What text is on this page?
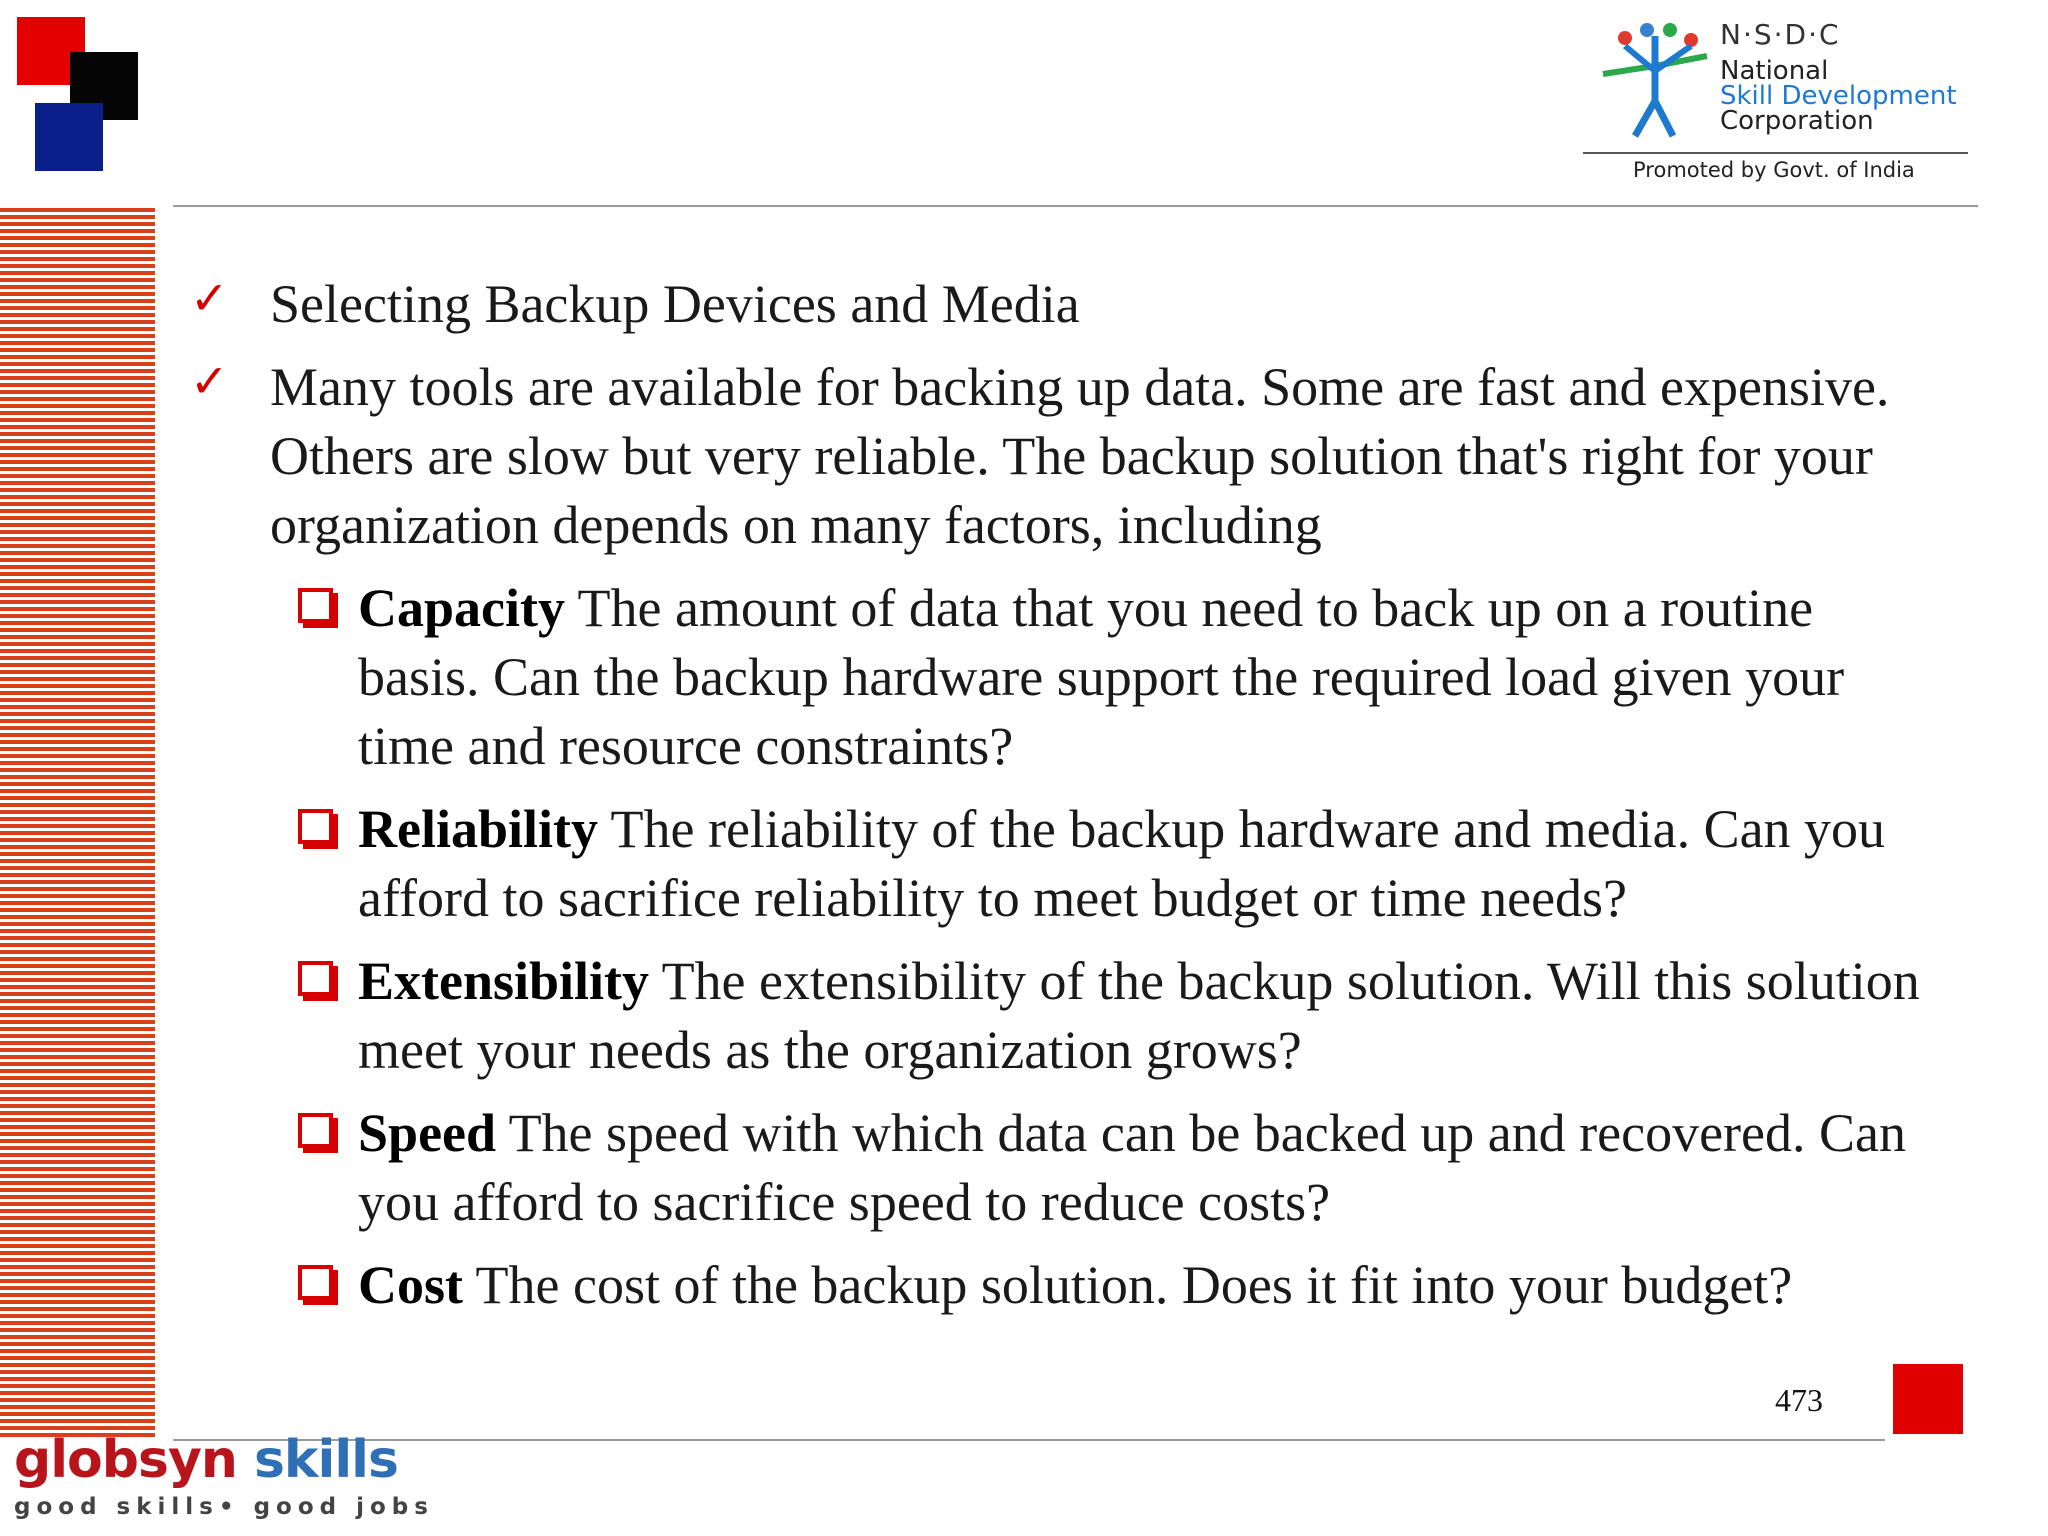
N·S·D·C
National
Skill Development
Corporation
Promoted by Govt. of India
✓ Selecting Backup Devices and Media
✓ Many tools are available for backing up data. Some are fast and expensive. Others are slow but very reliable. The backup solution that's right for your organization depends on many factors, including
Capacity The amount of data that you need to back up on a routine basis. Can the backup hardware support the required load given your time and resource constraints?
Reliability The reliability of the backup hardware and media. Can you afford to sacrifice reliability to meet budget or time needs?
Extensibility The extensibility of the backup solution. Will this solution meet your needs as the organization grows?
Speed The speed with which data can be backed up and recovered. Can you afford to sacrifice speed to reduce costs?
Cost The cost of the backup solution. Does it fit into your budget?
473
globsyn skills
good skills• good jobs
